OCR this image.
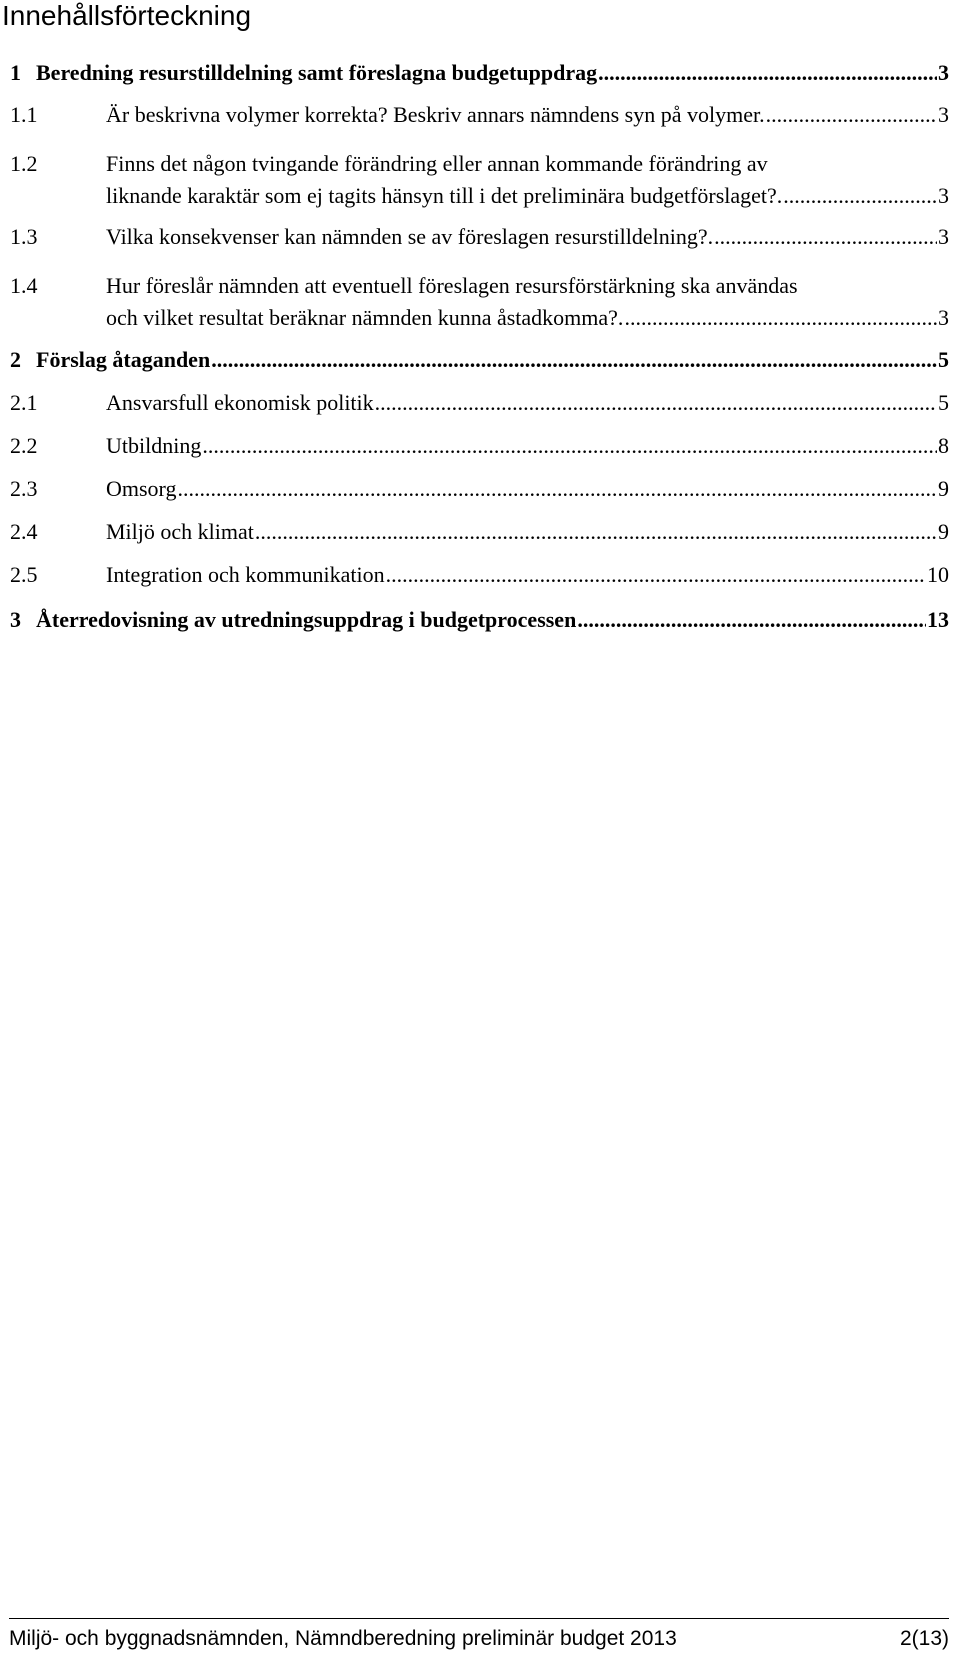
Innehållsförteckning
1 Beredning resurstilldelning samt föreslagna budgetuppdrag .....	3
1.1	Är beskrivna volymer korrekta? Beskriv annars nämndens syn på volymer. .....	3
1.2	Finns det någon tvingande förändring eller annan kommande förändring av
liknande karaktär som ej tagits hänsyn till i det preliminära budgetförslaget?. .....	3
1.3	Vilka konsekvenser kan nämnden se av föreslagen resurstilldelning?. .....	3
1.4	Hur föreslår nämnden att eventuell föreslagen resursförstärkning ska användas
och vilket resultat beräknar nämnden kunna åstadkomma?. .....	3
2 Förslag åtaganden .....	5
2.1	Ansvarsfull ekonomisk politik .....	5
2.2	Utbildning .....	8
2.3	Omsorg .....	9
2.4	Miljö och klimat .....	9
2.5	Integration och kommunikation .....	10
3 Återredovisning av utredningsuppdrag i budgetprocessen .....	13
Miljö- och byggnadsnämnden, Nämndberedning preliminär budget 2013	2(13)
